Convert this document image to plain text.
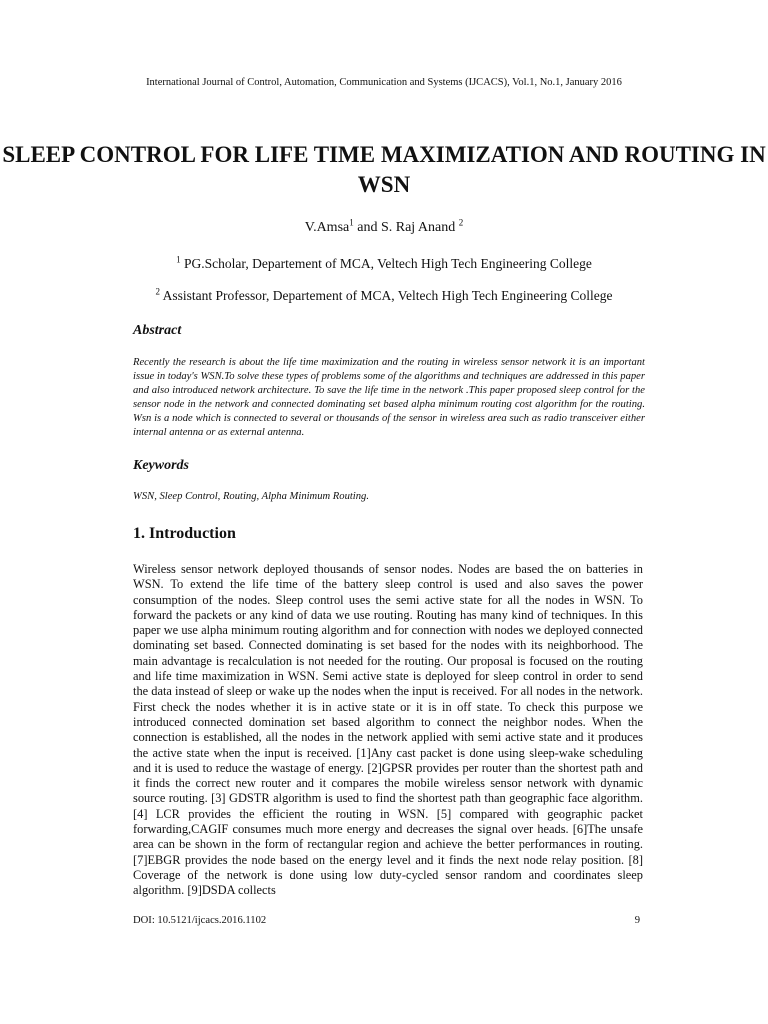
International Journal of Control, Automation, Communication and Systems (IJCACS), Vol.1, No.1, January 2016
SLEEP CONTROL FOR LIFE TIME MAXIMIZATION AND ROUTING IN WSN
V.Amsa$^1$ and S. Raj Anand $^2$
$^1$ PG.Scholar, Departement of MCA, Veltech High Tech Engineering College
$^2$ Assistant Professor, Departement of MCA, Veltech High Tech Engineering College
Abstract
Recently the research is about the life time maximization and the routing in wireless sensor network it is an important issue in today's WSN.To solve these types of problems some of the algorithms and techniques are addressed in this paper and also introduced network architecture. To save the life time in the network .This paper proposed sleep control for the sensor node in the network and connected dominating set based alpha minimum routing cost algorithm for the routing. Wsn is a node which is connected to several or thousands of the sensor in wireless area such as radio transceiver either internal antenna or as external antenna.
Keywords
WSN, Sleep Control, Routing, Alpha Minimum Routing.
1. Introduction
Wireless sensor network deployed thousands of sensor nodes. Nodes are based the on batteries in WSN. To extend the life time of the battery sleep control is used and also saves the power consumption of the nodes. Sleep control uses the semi active state for all the nodes in WSN. To forward the packets or any kind of data we use routing. Routing has many kind of techniques. In this paper we use alpha minimum routing algorithm and for connection with nodes we deployed connected dominating set based. Connected dominating is set based for the nodes with its neighborhood. The main advantage is recalculation is not needed for the routing. Our proposal is focused on the routing and life time maximization in WSN. Semi active state is deployed for sleep control in order to send the data instead of sleep or wake up the nodes when the input is received. For all nodes in the network. First check the nodes whether it is in active state or it is in off state. To check this purpose we introduced connected domination set based algorithm to connect the neighbor nodes. When the connection is established, all the nodes in the network applied with semi active state and it produces the active state when the input is received. [1]Any cast packet is done using sleep-wake scheduling and it is used to reduce the wastage of energy. [2]GPSR provides per router than the shortest path and it finds the correct new router and it compares the mobile wireless sensor network with dynamic source routing. [3] GDSTR algorithm is used to find the shortest path than geographic face algorithm.[4] LCR provides the efficient the routing in WSN. [5] compared with geographic packet forwarding,CAGIF consumes much more energy and decreases the signal over heads. [6]The unsafe area can be shown in the form of rectangular region and achieve the better performances in routing. [7]EBGR provides the node based on the energy level and it finds the next node relay position. [8] Coverage of the network is done using low duty-cycled sensor random and coordinates sleep algorithm. [9]DSDA collects
DOI: 10.5121/ijcacs.2016.1102	9
